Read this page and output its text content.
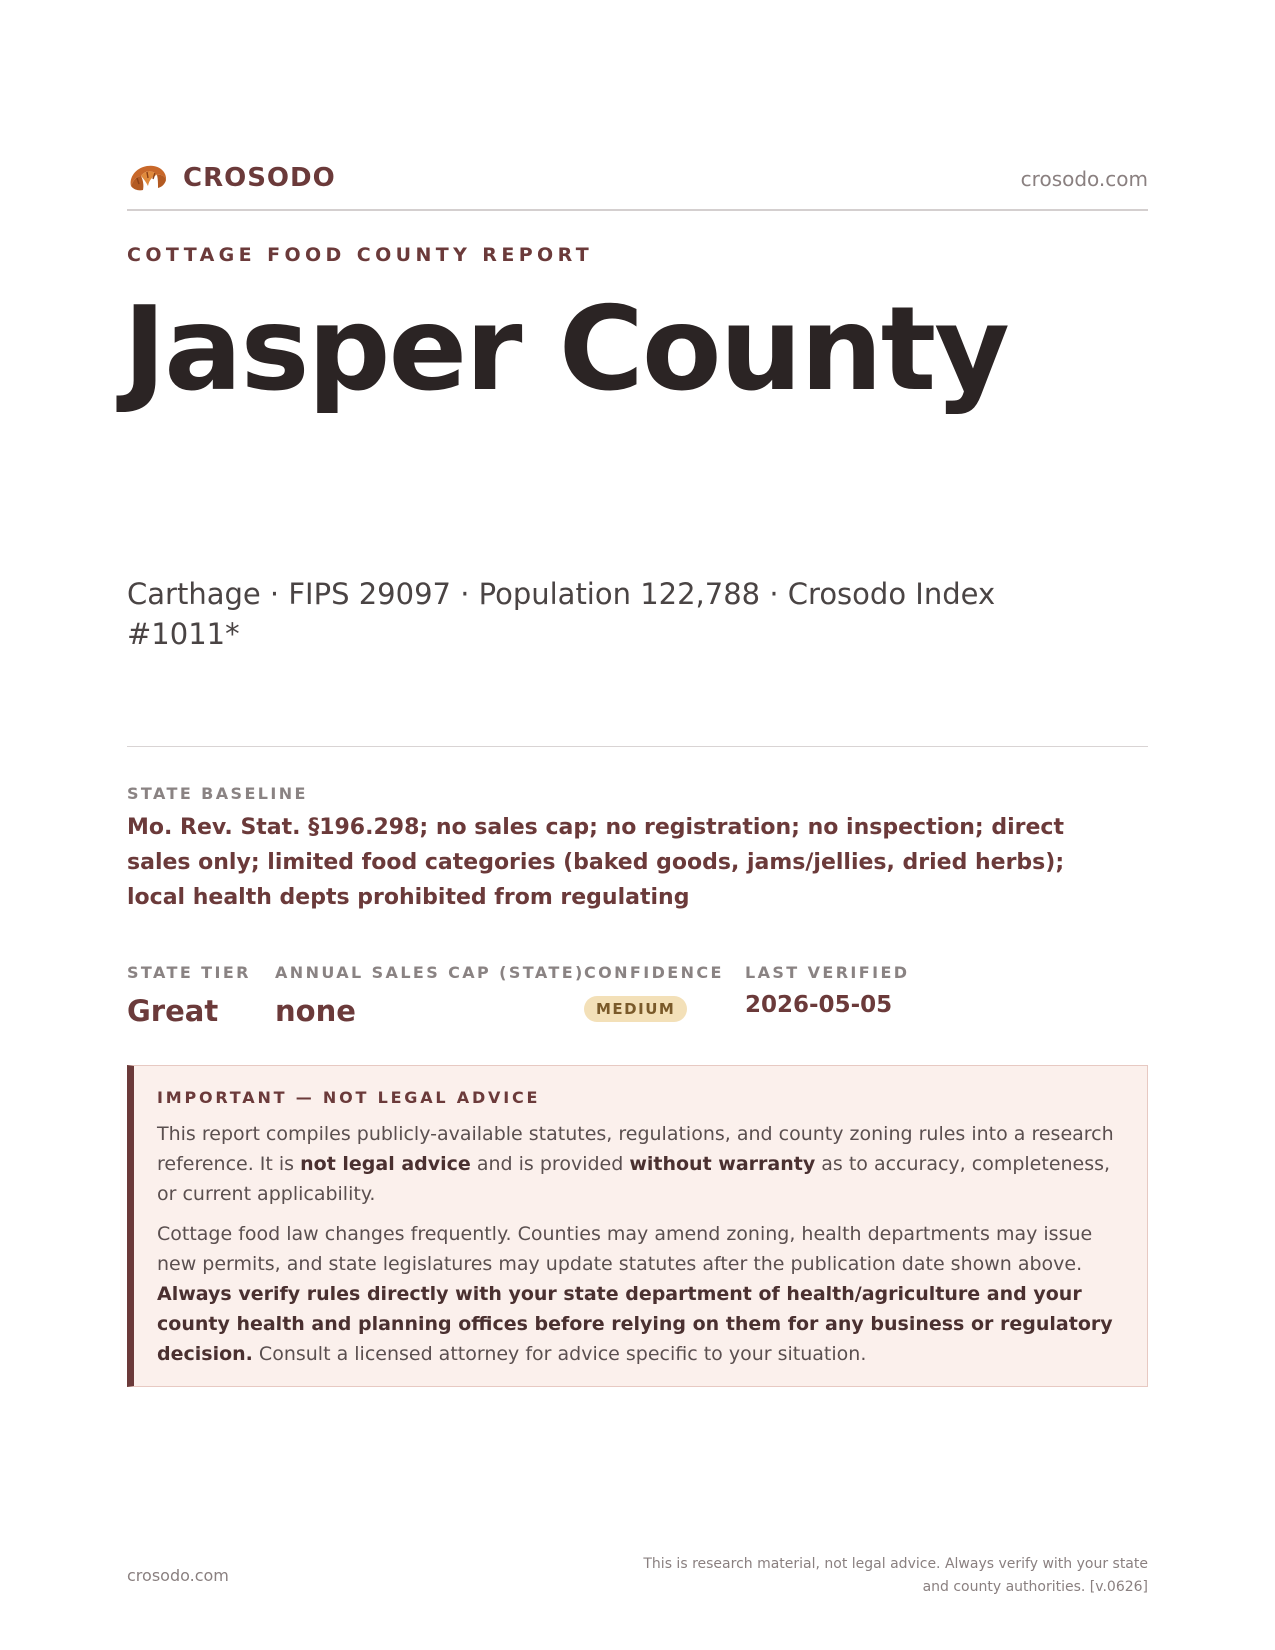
CROSODO	crosodo.com
COTTAGE FOOD COUNTY REPORT
Jasper County
Carthage · FIPS 29097 · Population 122,788 · Crosodo Index #1011*
STATE BASELINE
Mo. Rev. Stat. §196.298; no sales cap; no registration; no inspection; direct sales only; limited food categories (baked goods, jams/jellies, dried herbs); local health depts prohibited from regulating
STATE TIER
Great
ANNUAL SALES CAP (STATE)
none
CONFIDENCE
MEDIUM
LAST VERIFIED
2026-05-05
IMPORTANT — NOT LEGAL ADVICE

This report compiles publicly-available statutes, regulations, and county zoning rules into a research reference. It is not legal advice and is provided without warranty as to accuracy, completeness, or current applicability.

Cottage food law changes frequently. Counties may amend zoning, health departments may issue new permits, and state legislatures may update statutes after the publication date shown above. Always verify rules directly with your state department of health/agriculture and your county health and planning offices before relying on them for any business or regulatory decision. Consult a licensed attorney for advice specific to your situation.

crosodo.com
This is research material, not legal advice. Always verify with your state and county authorities. [v.0626]
